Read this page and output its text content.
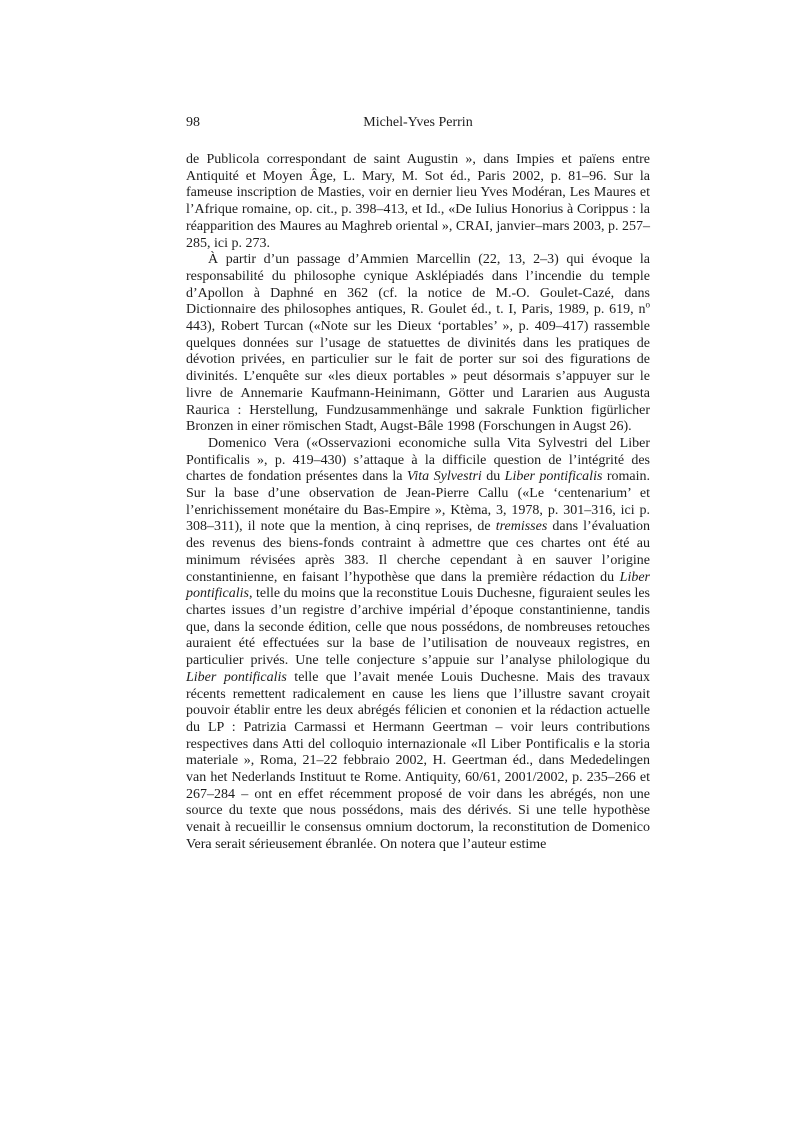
98	Michel-Yves Perrin

de Publicola correspondant de saint Augustin », dans Impies et païens entre Antiquité et Moyen Âge, L. Mary, M. Sot éd., Paris 2002, p. 81–96. Sur la fameuse inscription de Masties, voir en dernier lieu Yves Modéran, Les Maures et l’Afrique romaine, op. cit., p. 398–413, et Id., «De Iulius Honorius à Corippus : la réapparition des Maures au Maghreb oriental », CRAI, janvier–mars 2003, p. 257–285, ici p. 273.

À partir d’un passage d’Ammien Marcellin (22, 13, 2–3) qui évoque la responsabilité du philosophe cynique Asklépiadés dans l’incendie du temple d’Apollon à Daphné en 362 (cf. la notice de M.-O. Goulet-Cazé, dans Dictionnaire des philosophes antiques, R. Goulet éd., t. I, Paris, 1989, p. 619, $n^o$ 443), Robert Turcan («Note sur les Dieux ‘portables’ », p. 409–417) rassemble quelques données sur l’usage de statuettes de divinités dans les pratiques de dévotion privées, en particulier sur le fait de porter sur soi des figurations de divinités. L’enquête sur «les dieux portables » peut désormais s’appuyer sur le livre de Annemarie Kaufmann-Heinimann, Götter und Lararien aus Augusta Raurica : Herstellung, Fundzusammenhänge und sakrale Funktion figürlicher Bronzen in einer römischen Stadt, Augst-Bâle 1998 (Forschungen in Augst 26).

Domenico Vera («Osservazioni economiche sulla Vita Sylvestri del Liber Pontificalis », p. 419–430) s’attaque à la difficile question de l’intégrité des chartes de fondation présentes dans la Vita Sylvestri du Liber pontificalis romain. Sur la base d’une observation de Jean-Pierre Callu («Le ‘centenarium’ et l’enrichissement monétaire du Bas-Empire », Ktèma, 3, 1978, p. 301–316, ici p. 308–311), il note que la mention, à cinq reprises, de tremisses dans l’évaluation des revenus des biens-fonds contraint à admettre que ces chartes ont été au minimum révisées après 383. Il cherche cependant à en sauver l’origine constantinienne, en faisant l’hypothèse que dans la première rédaction du Liber pontificalis, telle du moins que la reconstitue Louis Duchesne, figuraient seules les chartes issues d’un registre d’archive impérial d’époque constantinienne, tandis que, dans la seconde édition, celle que nous possédons, de nombreuses retouches auraient été effectuées sur la base de l’utilisation de nouveaux registres, en particulier privés. Une telle conjecture s’appuie sur l’analyse philologique du Liber pontificalis telle que l’avait menée Louis Duchesne. Mais des travaux récents remettent radicalement en cause les liens que l’illustre savant croyait pouvoir établir entre les deux abrégés félicien et cononien et la rédaction actuelle du LP : Patrizia Carmassi et Hermann Geertman – voir leurs contributions respectives dans Atti del colloquio internazionale «Il Liber Pontificalis e la storia materiale », Roma, 21–22 febbraio 2002, H. Geertman éd., dans Mededelingen van het Nederlands Instituut te Rome. Antiquity, 60/61, 2001/2002, p. 235–266 et 267–284 – ont en effet récemment proposé de voir dans les abrégés, non une source du texte que nous possédons, mais des dérivés. Si une telle hypothèse venait à recueillir le consensus omnium doctorum, la reconstitution de Domenico Vera serait sérieusement ébranlée. On notera que l’auteur estime
